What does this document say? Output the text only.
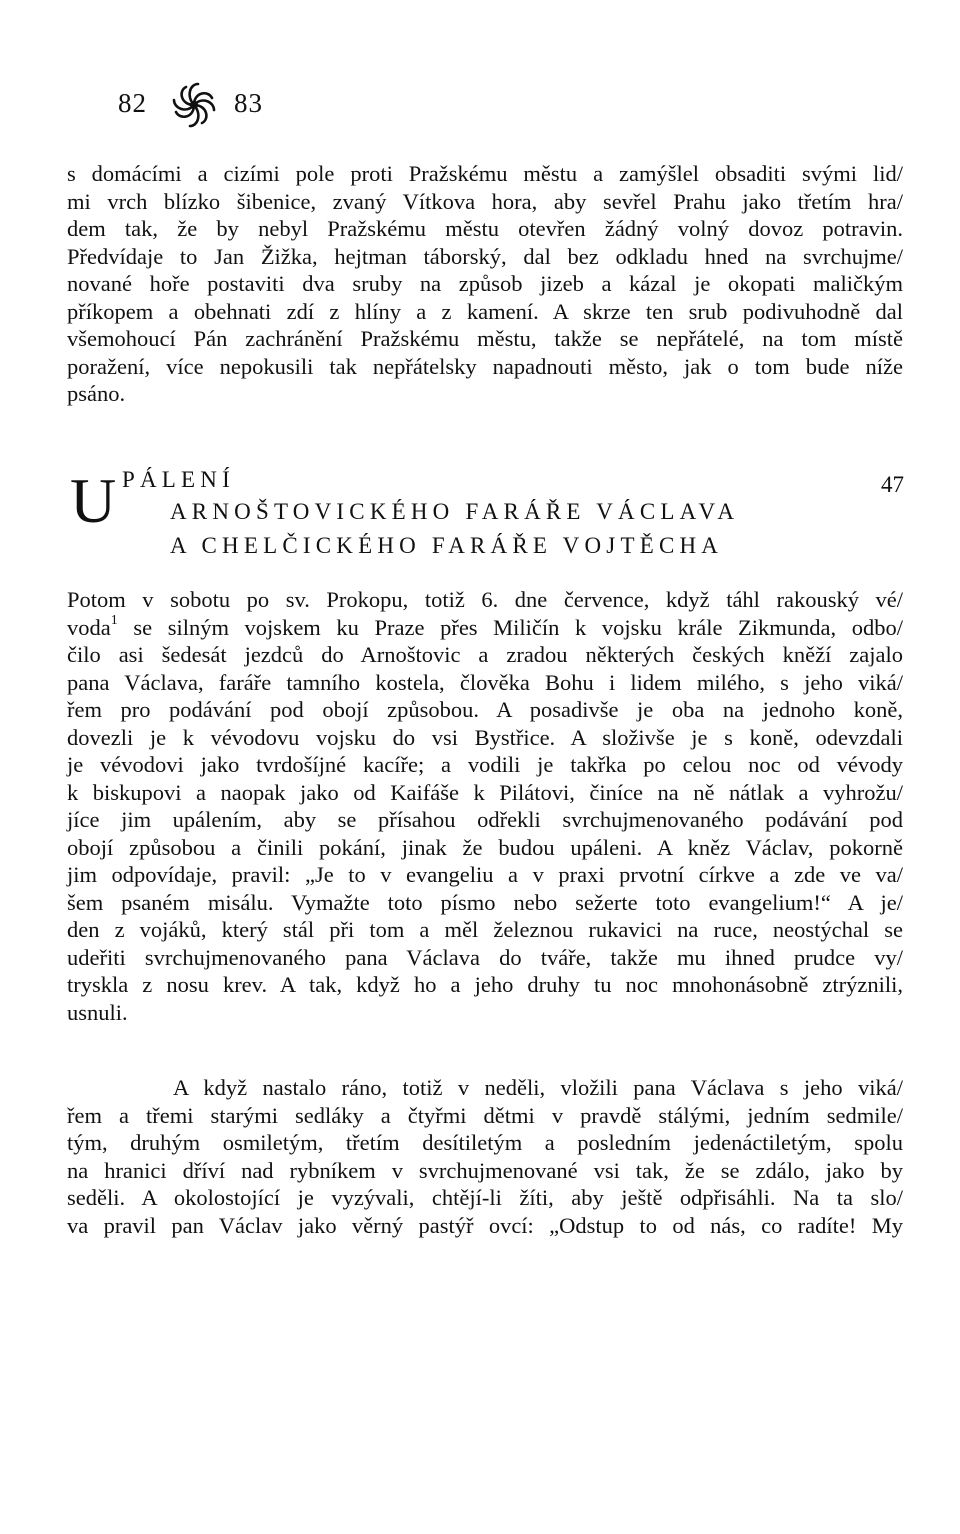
82	83
s domácími a cizími pole proti Pražskému městu a zamýšlel obsaditi svými lid/
mi vrch blízko šibenice, zvaný Vítkova hora, aby sevřel Prahu jako třetím hra/
dem tak, že by nebyl Pražskému městu otevřen žádný volný dovoz potravin.
Předvídaje to Jan Žižka, hejtman táborský, dal bez odkladu hned na svrchujme/
nované hoře postaviti dva sruby na způsob jizeb a kázal je okopati maličkým
příkopem a obehnati zdí z hlíny a z kamení. A skrze ten srub podivuhodně dal
všemohoucí Pán zachránění Pražskému městu, takže se nepřátelé, na tom místě
poražení, více nepokusili tak nepřátelsky napadnouti město, jak o tom bude níže
psáno.
U PÁLENÍ
ARNOŠTOVICKÉHO FARÁŘE VÁCLAVA
A CHELČICKÉHO FARÁŘE VOJTĚCHA
47
Potom v sobotu po sv. Prokopu, totiž 6. dne července, když táhl rakouský vé/
voda$^1$ se silným vojskem ku Praze přes Miličín k vojsku krále Zikmunda, odbo/
čilo asi šedesát jezdců do Arnoštovic a zradou některých českých kněží zajalo
pana Václava, faráře tamního kostela, člověka Bohu i lidem milého, s jeho viká/
řem pro podávání pod obojí způsobou. A posadivše je oba na jednoho koně,
dovezli je k vévodovu vojsku do vsi Bystřice. A složivše je s koně, odevzdali
je vévodovi jako tvrdošíjné kacíře; a vodili je takřka po celou noc od vévody
k biskupovi a naopak jako od Kaifáše k Pilátovi, činíce na ně nátlak a vyhrožu/
jíce jim upálením, aby se přísahou odřekli svrchujmenovaného podávání pod
obojí způsobou a činili pokání, jinak že budou upáleni. A kněz Václav, pokorně
jim odpovídaje, pravil: „Je to v evangeliu a v praxi prvotní církve a zde ve va/
šem psaném misálu. Vymažte toto písmo nebo sežerte toto evangelium!“ A je/
den z vojáků, který stál při tom a měl železnou rukavici na ruce, neostýchal se
udeřiti svrchujmenovaného pana Václava do tváře, takže mu ihned prudce vy/
tryskla z nosu krev. A tak, když ho a jeho druhy tu noc mnohonásobně ztrýznili,
usnuli.
A když nastalo ráno, totiž v neděli, vložili pana Václava s jeho viká/
řem a třemi starými sedláky a čtyřmi dětmi v pravdě stálými, jedním sedmile/
tým, druhým osmiletým, třetím desítiletým a posledním jedenáctiletým, spolu
na hranici dříví nad rybníkem v svrchujmenované vsi tak, že se zdálo, jako by
seděli. A okolostojící je vyzývali, chtějí-li žíti, aby ještě odpřisáhli. Na ta slo/
va pravil pan Václav jako věrný pastýř ovcí: „Odstup to od nás, co radíte! My
